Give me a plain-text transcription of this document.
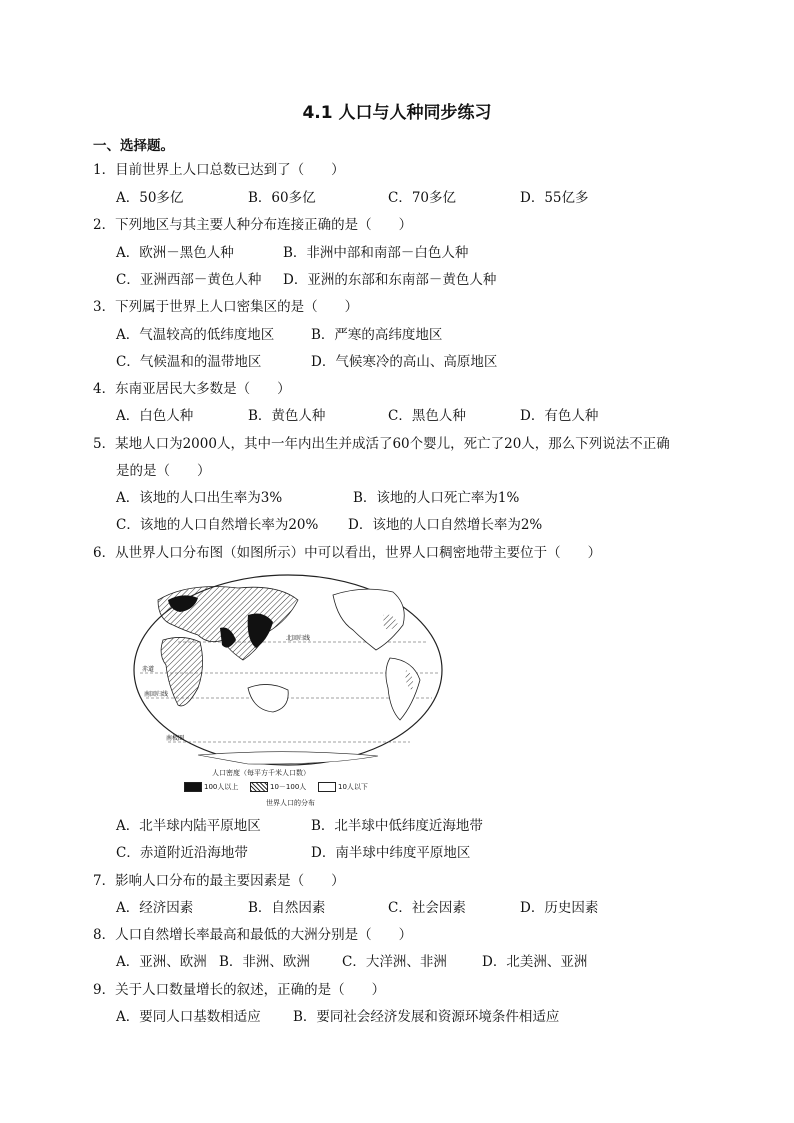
4.1 人口与人种同步练习
一、选择题。
1．目前世界上人口总数已达到了（　　）
A．50多亿	B．60多亿	C．70多亿	D．55亿多
2．下列地区与其主要人种分布连接正确的是（　　）
A．欧洲－黑色人种	B．非洲中部和南部－白色人种
C．亚洲西部－黄色人种 D．亚洲的东部和东南部－黄色人种
3．下列属于世界上人口密集区的是（　　）
A．气温较高的低纬度地区	B．严寒的高纬度地区
C．气候温和的温带地区	D．气候寒冷的高山、高原地区
4．东南亚居民大多数是（　　）
A．白色人种	B．黄色人种	C．黑色人种	D．有色人种
5．某地人口为2000人，其中一年内出生并成活了60个婴儿，死亡了20人，那么下列说法不正确
是的是（　　）
A．该地的人口出生率为3%	B．该地的人口死亡率为1%
C．该地的人口自然增长率为20% D．该地的人口自然增长率为2%
6．从世界人口分布图（如图所示）中可以看出，世界人口稠密地带主要位于（　　）
北回归线
赤道
南回归线
南极圈
人口密度（每平方千米人口数）
100人以上	10－100人	10人以下
世界人口的分布
A．北半球内陆平原地区	B．北半球中低纬度近海地带
C．赤道附近沿海地带	D．南半球中纬度平原地区
7．影响人口分布的最主要因素是（　　）
A．经济因素	B．自然因素	C．社会因素	D．历史因素
8．人口自然增长率最高和最低的大洲分别是（　　）
A．亚洲、欧洲 B．非洲、欧洲 C．大洋洲、非洲	D．北美洲、亚洲
9．关于人口数量增长的叙述，正确的是（　　）
A．要同人口基数相适应 B．要同社会经济发展和资源环境条件相适应
